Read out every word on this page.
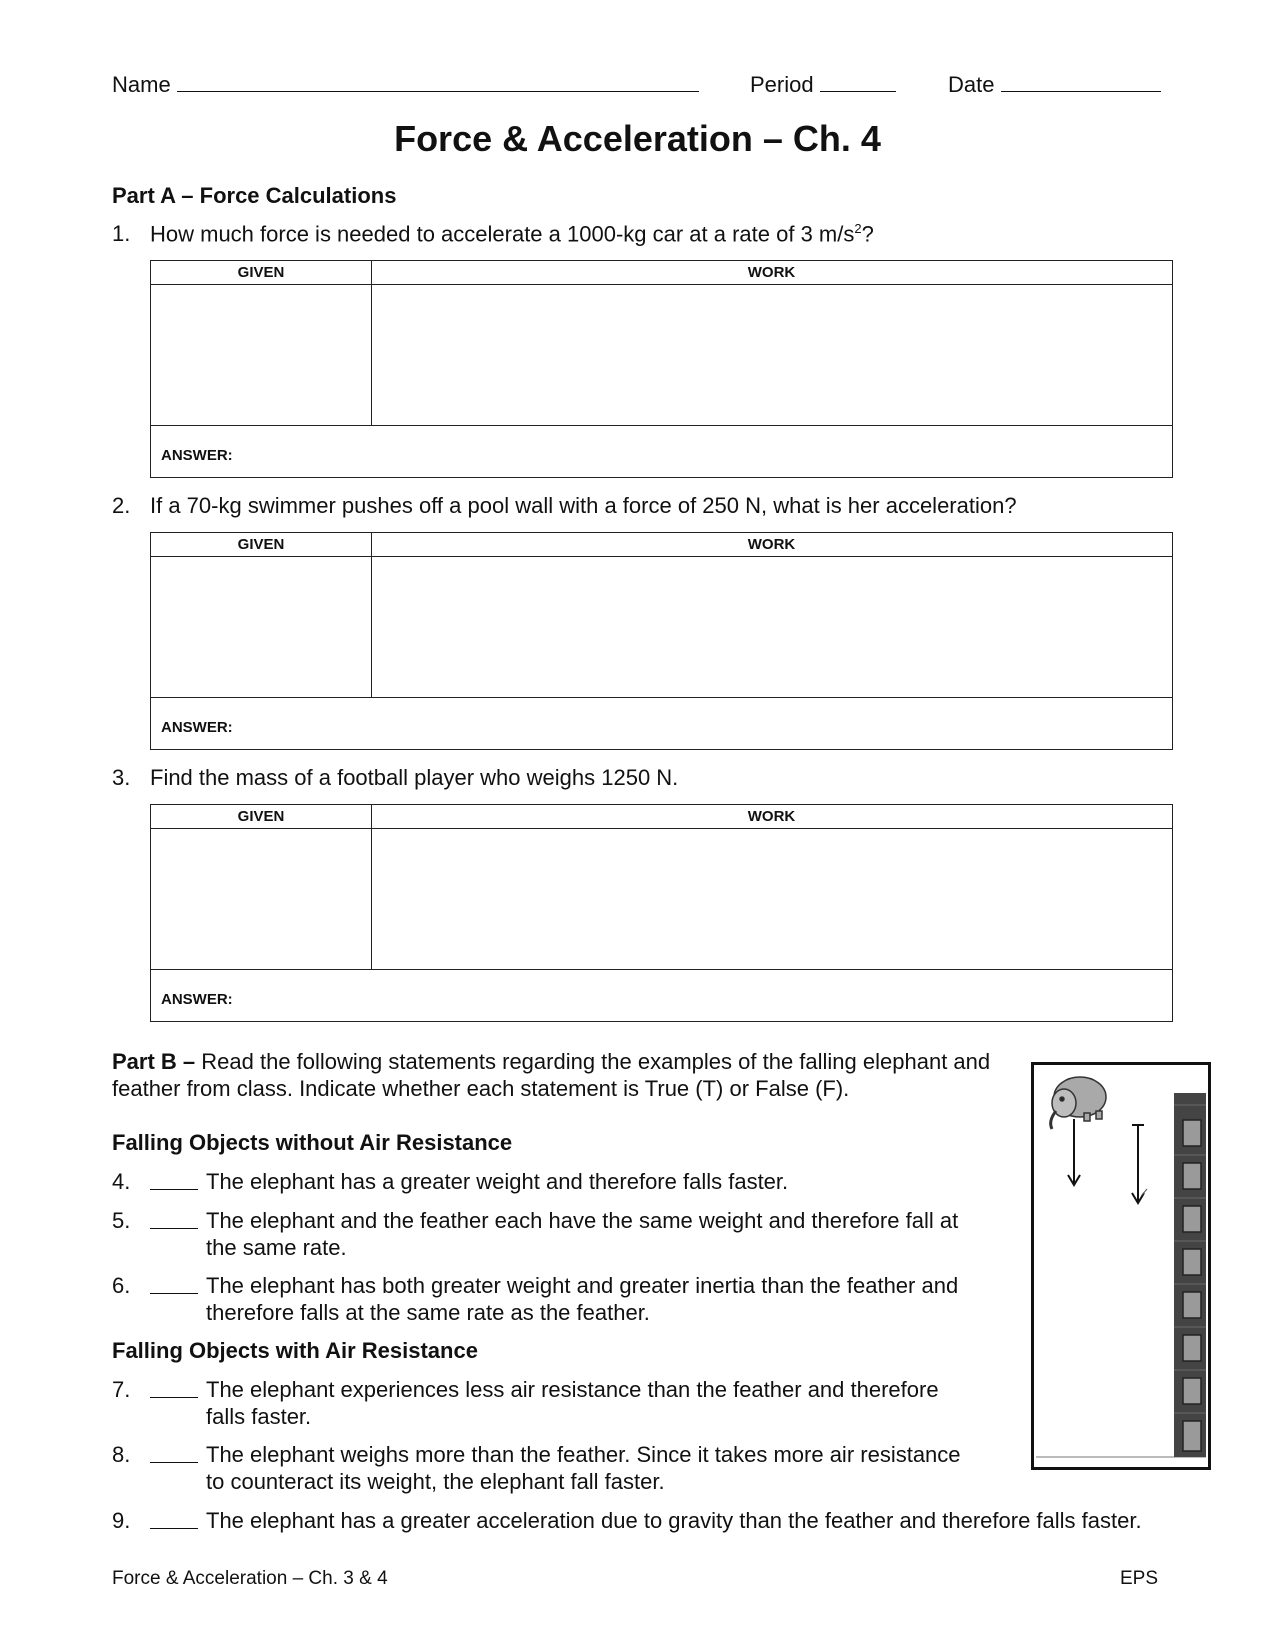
Name	Period	Date
Force & Acceleration – Ch. 4
Part A – Force Calculations
1. How much force is needed to accelerate a 1000-kg car at a rate of 3 $m/s^2$?
GIVEN	WORK
ANSWER:
2. If a 70-kg swimmer pushes off a pool wall with a force of 250 N, what is her acceleration?
GIVEN	WORK
ANSWER:
3. Find the mass of a football player who weighs 1250 N.
GIVEN	WORK
ANSWER:
Part B – Read the following statements regarding the examples of the falling elephant and feather from class. Indicate whether each statement is True (T) or False (F).
Falling Objects without Air Resistance
4.	The elephant has a greater weight and therefore falls faster.
5.	The elephant and the feather each have the same weight and therefore fall at
the same rate.
6.	The elephant has both greater weight and greater inertia than the feather and
therefore falls at the same rate as the feather.
Falling Objects with Air Resistance
7.	The elephant experiences less air resistance than the feather and therefore
falls faster.
8.	The elephant weighs more than the feather. Since it takes more air resistance
to counteract its weight, the elephant fall faster.
9.	The elephant has a greater acceleration due to gravity than the feather and therefore falls faster.
Force & Acceleration – Ch. 3 & 4	EPS
